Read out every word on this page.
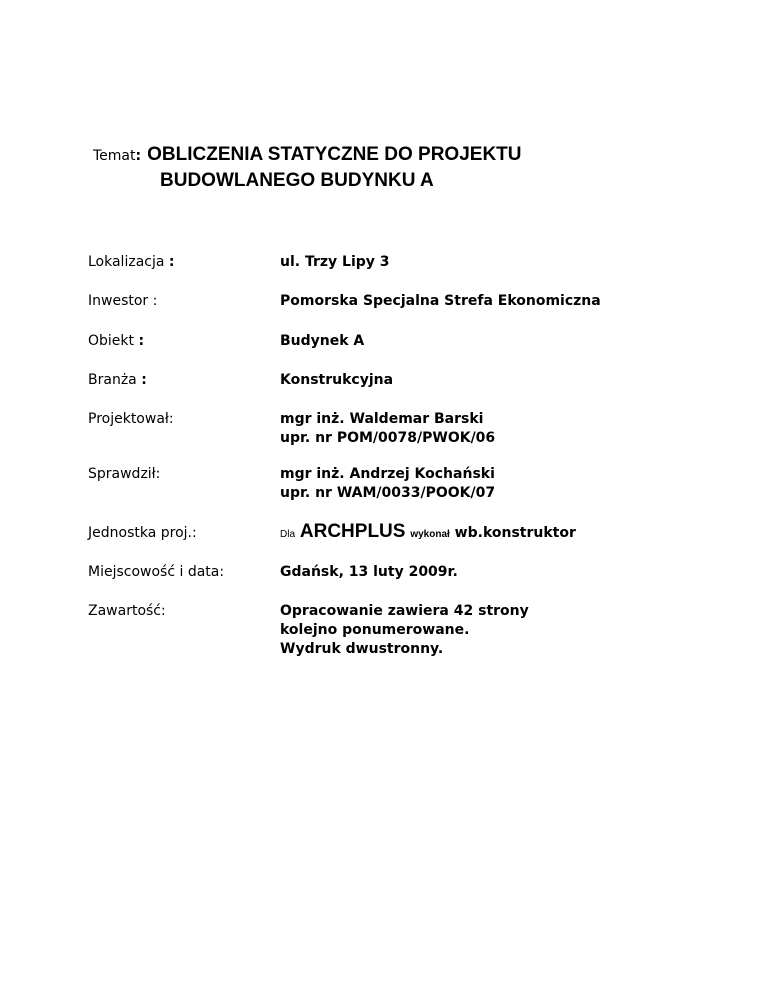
Temat : OBLICZENIA STATYCZNE DO PROJEKTU
BUDOWLANEGO BUDYNKU A
Lokalizacja :	ul. Trzy Lipy 3
Inwestor :	Pomorska Specjalna Strefa Ekonomiczna
Obiekt :	Budynek A
Branża :	Konstrukcyjna
Projektował:	mgr inż. Waldemar Barski
upr. nr POM/0078/PWOK/06
Sprawdził:	mgr inż. Andrzej Kochański
upr. nr WAM/0033/POOK/07
Jednostka proj.:	Dla ARCHPLUS wykonał wb.konstruktor
Miejscowość i data:	Gdańsk, 13 luty 2009r.
Zawartość:	Opracowanie zawiera 42 strony
kolejno ponumerowane.
Wydruk dwustronny.
